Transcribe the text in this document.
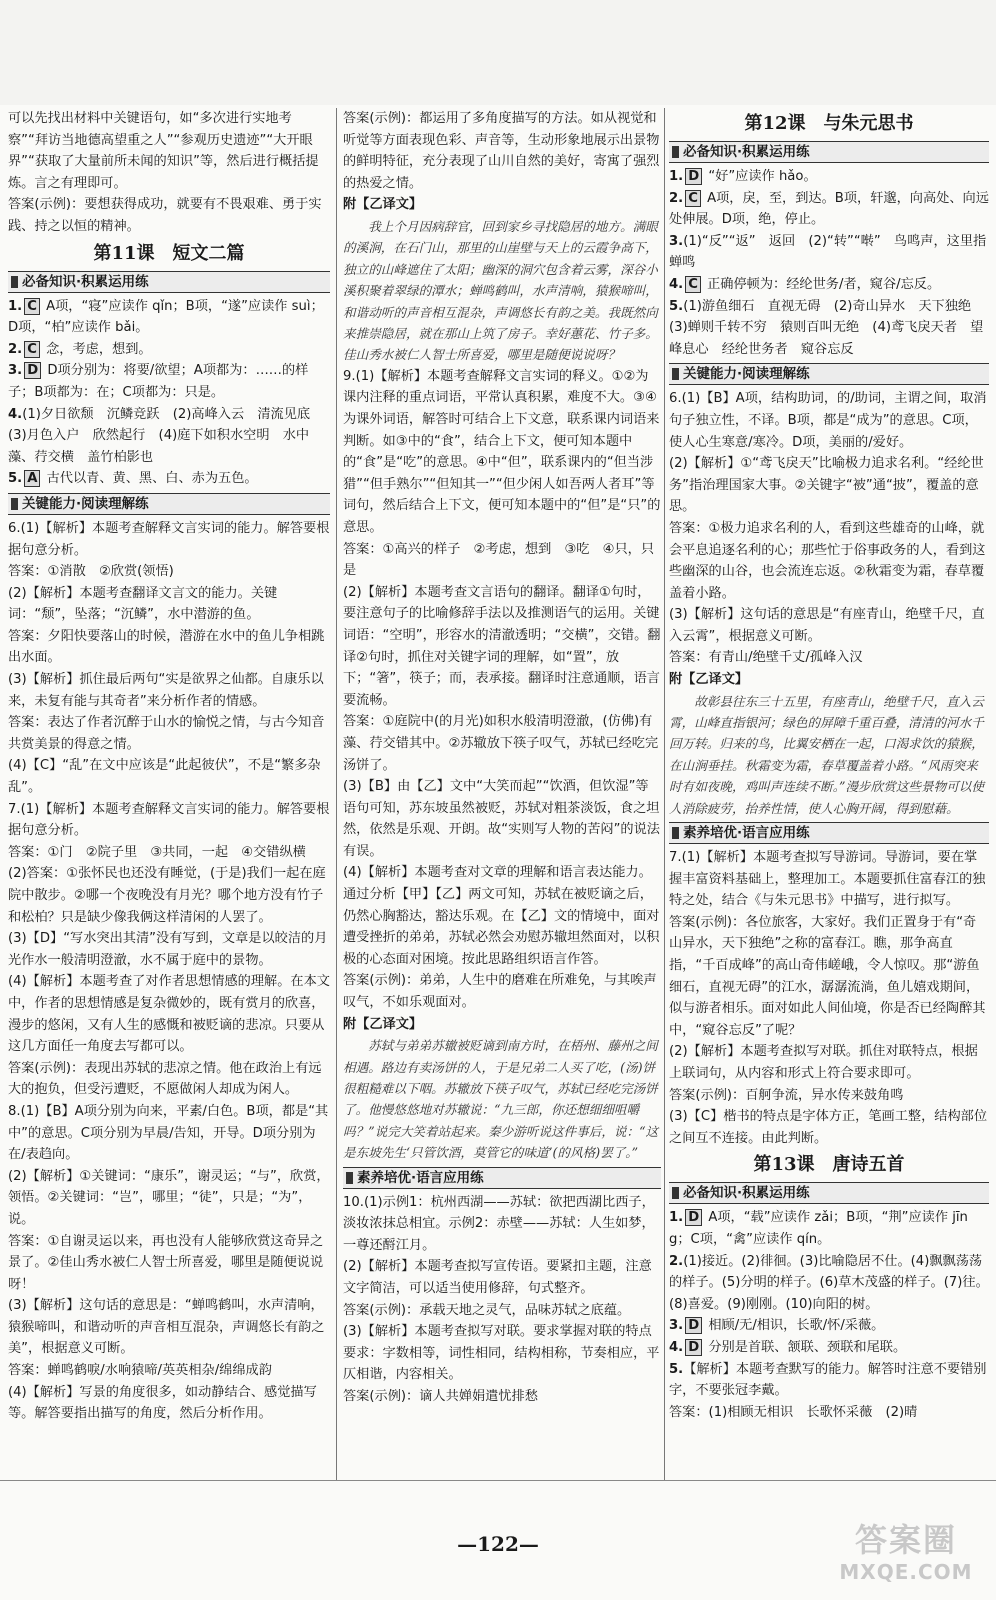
可以先找出材料中关键语句，如“多次进行实地考察”“拜访当地德高望重之人”“参观历史遗迹”“大开眼界”“获取了大量前所未闻的知识”等，然后进行概括提炼。言之有理即可。

答案(示例)：要想获得成功，就要有不畏艰难、勇于实践、持之以恒的精神。

第11课　短文二篇
必备知识·积累运用练

1. C A项，“寝”应读作 qǐn；B项，“遂”应读作 suì；D项，“柏”应读作 bǎi。

2. C 念，考虑，想到。

3. D D项分别为：将要/欲望；A项都为：……的样子；B项都为：在；C项都为：只是。

4.(1)夕日欲颓　沉鳞竞跃　(2)高峰入云　清流见底　(3)月色入户　欣然起行　(4)庭下如积水空明　水中藻、荇交横　盖竹柏影也

5. A 古代以青、黄、黑、白、赤为五色。

关键能力·阅读理解练

6.(1)【解析】本题考查解释文言实词的能力。解答要根据句意分析。

答案：①消散　②欣赏(领悟)

(2)【解析】本题考查翻译文言文的能力。关键词：“颓”，坠落；“沉鳞”，水中潜游的鱼。

答案：夕阳快要落山的时候，潜游在水中的鱼儿争相跳出水面。

(3)【解析】抓住最后两句“实是欲界之仙都。自康乐以来，未复有能与其奇者”来分析作者的情感。

答案：表达了作者沉醉于山水的愉悦之情，与古今知音共赏美景的得意之情。

(4)【C】“乱”在文中应该是“此起彼伏”，不是“繁多杂乱”。

7.(1)【解析】本题考查解释文言实词的能力。解答要根据句意分析。

答案：①门　②院子里　③共同，一起　④交错纵横

(2)答案：①张怀民也还没有睡觉，(于是)我们一起在庭院中散步。②哪一个夜晚没有月光？哪个地方没有竹子和松柏？只是缺少像我俩这样清闲的人罢了。

(3)【D】“写水突出其清”没有写到，文章是以皎洁的月光作水一般清明澄澈，水不属于庭中的景物。

(4)【解析】本题考查了对作者思想情感的理解。在本文中，作者的思想情感是复杂微妙的，既有赏月的欣喜，漫步的悠闲，又有人生的感慨和被贬谪的悲凉。只要从这几方面任一角度去写都可以。

答案(示例)：表现出苏轼的悲凉之情。他在政治上有远大的抱负，但受污遭贬，不愿做闲人却成为闲人。

8.(1)【B】A项分别为向来，平素/白色。B项，都是“其中”的意思。C项分别为早晨/告知，开导。D项分别为在/表趋向。

(2)【解析】①关键词：“康乐”，谢灵运；“与”，欣赏，领悟。②关键词：“岂”，哪里；“徒”，只是；“为”，说。

答案：①自谢灵运以来，再也没有人能够欣赏这奇异之景了。②佳山秀水被仁人智士所喜爱，哪里是随便说说呀！

(3)【解析】这句话的意思是：“蝉鸣鹤叫，水声清响，猿猴啼叫，和谐动听的声音相互混杂，声调悠长有韵之美”，根据意义可断。

答案：蝉鸣鹤唳/水响猿啼/英英相杂/绵绵成韵

(4)【解析】写景的角度很多，如动静结合、感觉描写等。解答要指出描写的角度，然后分析作用。

答案(示例)：都运用了多角度描写的方法。如从视觉和听觉等方面表现色彩、声音等，生动形象地展示出景物的鲜明特征，充分表现了山川自然的美好，寄寓了强烈的热爱之情。

附【乙译文】

我上个月因病辞官，回到家乡寻找隐居的地方。满眼的溪涧，在石门山，那里的山崖壁与天上的云霞争高下，独立的山峰遮住了太阳；幽深的洞穴包含着云雾，深谷小溪积聚着翠绿的潭水；蝉鸣鹤叫，水声清响，猿猴啼叫，和谐动听的声音相互混杂，声调悠长有韵之美。我既然向来推崇隐居，就在那山上筑了房子。幸好蕙花、竹子多。佳山秀水被仁人智士所喜爱，哪里是随便说说呀？

9.(1)【解析】本题考查解释文言实词的释义。①②为课内注释的重点词语，平常认真积累，难度不大。③④为课外词语，解答时可结合上下文意，联系课内词语来判断。如③中的“食”，结合上下文，便可知本题中的“食”是“吃”的意思。④中“但”，联系课内的“但当涉猎”“但手熟尔”“但知其一”“但少闲人如吾两人者耳”等词句，然后结合上下文，便可知本题中的“但”是“只”的意思。

答案：①高兴的样子　②考虑，想到　③吃　④只，只是

(2)【解析】本题考查文言语句的翻译。翻译①句时，要注意句子的比喻修辞手法以及推测语气的运用。关键词语：“空明”，形容水的清澈透明；“交横”，交错。翻译②句时，抓住对关键字词的理解，如“置”，放下；“箸”，筷子；而，表承接。翻译时注意通顺，语言要流畅。

答案：①庭院中(的月光)如积水般清明澄澈，(仿佛)有藻、荇交错其中。②苏辙放下筷子叹气，苏轼已经吃完汤饼了。

(3)【B】由【乙】文中“大笑而起”“饮酒，但饮湿”等语句可知，苏东坡虽然被贬，苏轼对粗茶淡饭，食之坦然，依然是乐观、开朗。故“实则写人物的苦闷”的说法有误。

(4)【解析】本题考查对文章的理解和语言表达能力。通过分析【甲】【乙】两文可知，苏轼在被贬谪之后，仍然心胸豁达，豁达乐观。在【乙】文的情境中，面对遭受挫折的弟弟，苏轼必然会劝慰苏辙坦然面对，以积极的心态面对困境。按此思路组织语言作答。

答案(示例)：弟弟，人生中的磨难在所难免，与其唉声叹气，不如乐观面对。

附【乙译文】

苏轼与弟弟苏辙被贬谪到南方时，在梧州、藤州之间相遇。路边有卖汤饼的人，于是兄弟二人买了吃，(汤)饼很粗糙难以下咽。苏辙放下筷子叹气，苏轼已经吃完汤饼了。他慢悠悠地对苏辙说：“九三郎，你还想细细咀嚼吗？”说完大笑着站起来。秦少游听说这件事后，说：“这是东坡先生‘只管饮酒，莫管它的味道’(的风格)罢了。”

素养培优·语言应用练

10.(1)示例1：杭州西湖——苏轼：欲把西湖比西子，淡妆浓抹总相宜。示例2：赤壁——苏轼：人生如梦，一尊还酹江月。

(2)【解析】本题考查拟写宣传语。要紧扣主题，注意文字简洁，可以适当使用修辞，句式整齐。

答案(示例)：承载天地之灵气，品味苏轼之底蕴。

(3)【解析】本题考查拟写对联。要求掌握对联的特点要求：字数相等，词性相同，结构相称，节奏相应，平仄相谐，内容相关。

答案(示例)：谪人共婵娟遣忧排愁

第12课　与朱元思书
必备知识·积累运用练

1. D “好”应读作 hǎo。

2. C A项，戾，至，到达。B项，轩邈，向高处、向远处伸展。D项，绝，停止。

3.(1)“反”“返”　返回　(2)“转”“啭”　鸟鸣声，这里指蝉鸣

4. C 正确停顿为：经纶世务/者，窥谷/忘反。

5.(1)游鱼细石　直视无碍　(2)奇山异水　天下独绝　(3)蝉则千转不穷　猿则百叫无绝　(4)鸢飞戾天者　望峰息心　经纶世务者　窥谷忘反

关键能力·阅读理解练

6.(1)【B】A项，结构助词，的/助词，主谓之间，取消句子独立性，不译。B项，都是“成为”的意思。C项，使人心生寒意/寒冷。D项，美丽的/爱好。

(2)【解析】①“鸢飞戾天”比喻极力追求名利。“经纶世务”指治理国家大事。②关键字“被”通“披”，覆盖的意思。

答案：①极力追求名利的人，看到这些雄奇的山峰，就会平息追逐名利的心；那些忙于俗事政务的人，看到这些幽深的山谷，也会流连忘返。②秋霜变为霜，春草覆盖着小路。

(3)【解析】这句话的意思是“有座青山，绝壁千尺，直入云霄”，根据意义可断。

答案：有青山/绝壁千丈/孤峰入汉

附【乙译文】

故彰县往东三十五里，有座青山，绝壁千尺，直入云霄，山峰直指银河；绿色的屏障千重百叠，清清的河水千回万转。归来的鸟，比翼安栖在一起，口渴求饮的猿猴，在山涧垂挂。秋霜变为霜，春草覆盖着小路。“风雨突来时有如夜晚，鸡叫声连续不断。”漫步欣赏这些景物可以使人消除疲劳，抬养性情，使人心胸开阔，得到慰藉。

素养培优·语言应用练

7.(1)【解析】本题考查拟写导游词。导游词，要在掌握丰富资料基础上，整理加工。本题要抓住富春江的独特之处，结合《与朱元思书》中描写，进行拟写。

答案(示例)：各位旅客，大家好。我们正置身于有“奇山异水，天下独绝”之称的富春江。瞧，那争高直指，“千百成峰”的高山奇伟嵯峨，令人惊叹。那“游鱼细石，直视无碍”的江水，潺潺流淌，鱼儿嬉戏期间，似与游者相乐。面对如此人间仙境，你是否已经陶醉其中，“窥谷忘反”了呢？

(2)【解析】本题考查拟写对联。抓住对联特点，根据上联词句，从内容和形式上符合要求即可。

答案(示例)：百舸争流，异水传来鼓角鸣

(3)【C】楷书的特点是字体方正，笔画工整，结构部位之间互不连接。由此判断。

第13课　唐诗五首
必备知识·积累运用练

1. D A项，“载”应读作 zǎi；B项，“荆”应读作 jīng；C项，“禽”应读作 qín。

2.(1)接近。(2)徘徊。(3)比喻隐居不仕。(4)飘飘荡荡的样子。(5)分明的样子。(6)草木茂盛的样子。(7)往。(8)喜爱。(9)刚刚。(10)向阳的树。

3. D 相顾/无/相识，长歌/怀/采薇。

4. D 分别是首联、颔联、颈联和尾联。

5.【解析】本题考查默写的能力。解答时注意不要错别字，不要张冠李戴。

答案：(1)相顾无相识　长歌怀采薇　(2)晴

—122—	答案圈
MXQE.COM
